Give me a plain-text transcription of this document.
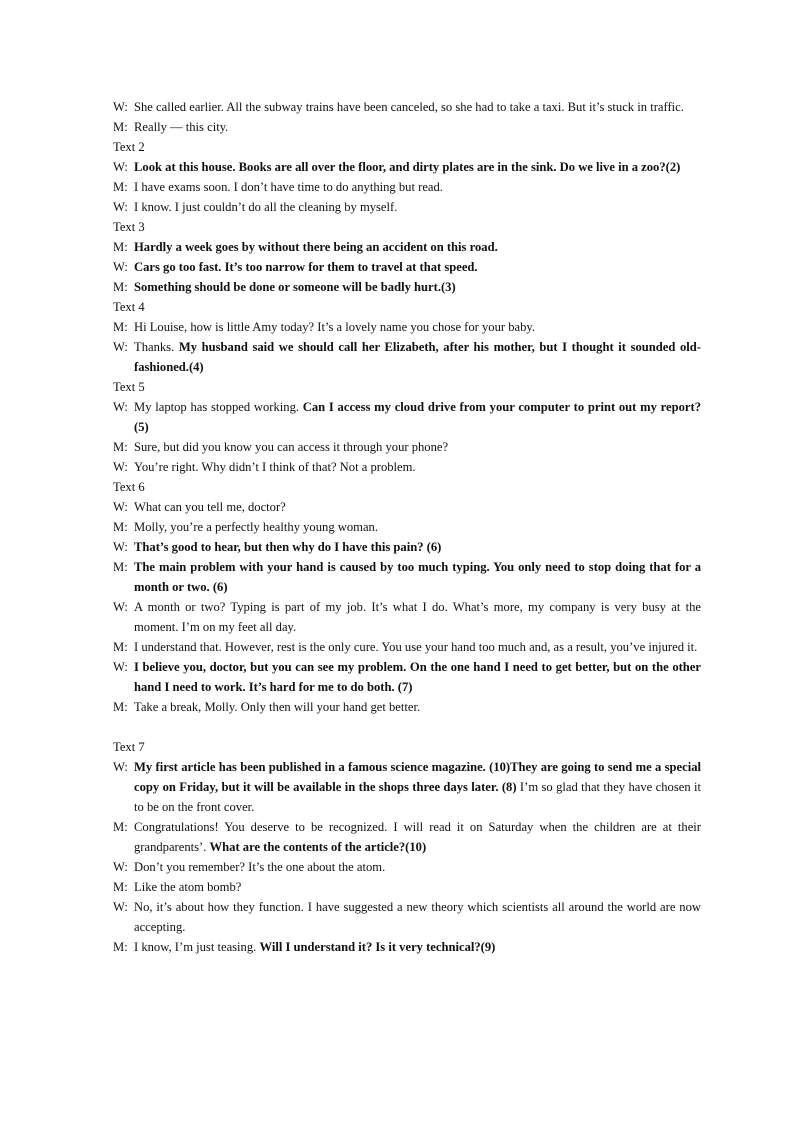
W: She called earlier. All the subway trains have been canceled, so she had to take a taxi. But it’s stuck in traffic.
M: Really — this city.
Text 2
W: Look at this house. Books are all over the floor, and dirty plates are in the sink. Do we live in a zoo?(2)
M: I have exams soon. I don’t have time to do anything but read.
W: I know. I just couldn’t do all the cleaning by myself.
Text 3
M: Hardly a week goes by without there being an accident on this road.
W: Cars go too fast. It’s too narrow for them to travel at that speed.
M: Something should be done or someone will be badly hurt.(3)
Text 4
M: Hi Louise, how is little Amy today? It’s a lovely name you chose for your baby.
W: Thanks. My husband said we should call her Elizabeth, after his mother, but I thought it sounded old-fashioned.(4)
Text 5
W: My laptop has stopped working. Can I access my cloud drive from your computer to print out my report?(5)
M: Sure, but did you know you can access it through your phone?
W: You’re right. Why didn’t I think of that? Not a problem.
Text 6
W: What can you tell me, doctor?
M: Molly, you’re a perfectly healthy young woman.
W: That’s good to hear, but then why do I have this pain? (6)
M: The main problem with your hand is caused by too much typing. You only need to stop doing that for a month or two. (6)
W: A month or two? Typing is part of my job. It’s what I do. What’s more, my company is very busy at the moment. I’m on my feet all day.
M: I understand that. However, rest is the only cure. You use your hand too much and, as a result, you’ve injured it.
W: I believe you, doctor, but you can see my problem. On the one hand I need to get better, but on the other hand I need to work. It’s hard for me to do both. (7)
M: Take a break, Molly. Only then will your hand get better.
Text 7
W: My first article has been published in a famous science magazine. (10)They are going to send me a special copy on Friday, but it will be available in the shops three days later. (8) I’m so glad that they have chosen it to be on the front cover.
M: Congratulations! You deserve to be recognized. I will read it on Saturday when the children are at their grandparents’. What are the contents of the article?(10)
W: Don’t you remember? It’s the one about the atom.
M: Like the atom bomb?
W: No, it’s about how they function. I have suggested a new theory which scientists all around the world are now accepting.
M: I know, I’m just teasing. Will I understand it? Is it very technical?(9)
